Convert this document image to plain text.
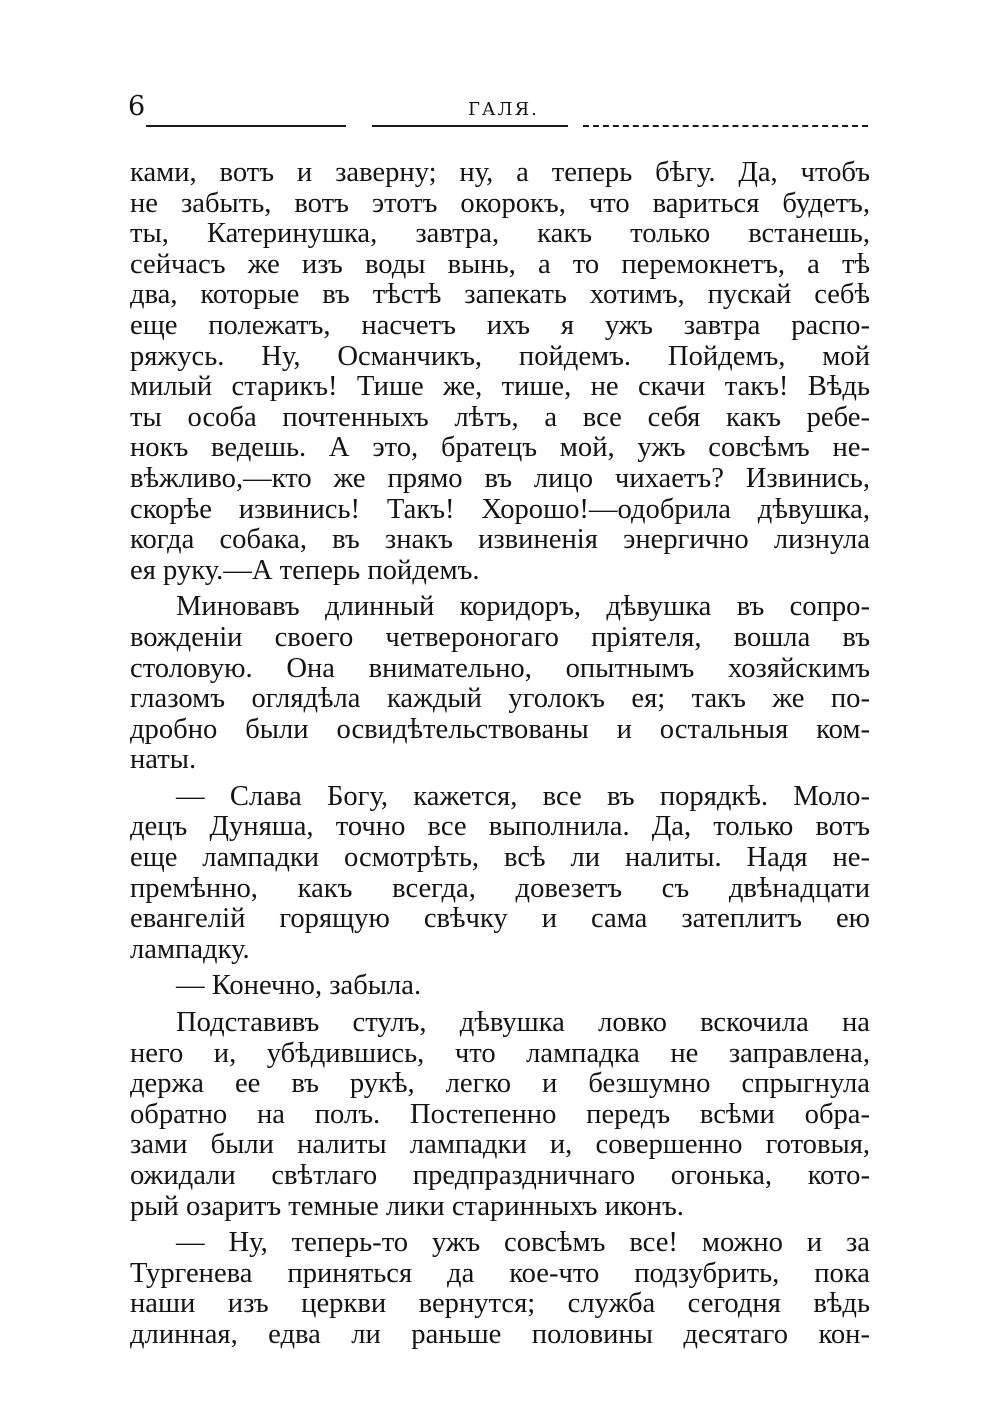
6	ГАЛЯ.
ками, вотъ и заверну; ну, а теперь бѣгу. Да, чтобъ
не забыть, вотъ этотъ окорокъ, что вариться будетъ,
ты, Катеринушка, завтра, какъ только встанешь,
сейчасъ же изъ воды вынь, а то перемокнетъ, а тѣ
два, которые въ тѣстѣ запекать хотимъ, пускай себѣ
еще полежатъ, насчетъ ихъ я ужъ завтра распо-
ряжусь. Ну, Османчикъ, пойдемъ. Пойдемъ, мой
милый старикъ! Тише же, тише, не скачи такъ! Вѣдь
ты особа почтенныхъ лѣтъ, а все себя какъ ребе-
нокъ ведешь. А это, братецъ мой, ужъ совсѣмъ не-
вѣжливо,—кто же прямо въ лицо чихаетъ? Извинись,
скорѣе извинись! Такъ! Хорошо!—одобрила дѣвушка,
когда собака, въ знакъ извиненія энергично лизнула
ея руку.—А теперь пойдемъ.
Миновавъ длинный коридоръ, дѣвушка въ сопро-
вожденіи своего четвероногаго пріятеля, вошла въ
столовую. Она внимательно, опытнымъ хозяйскимъ
глазомъ оглядѣла каждый уголокъ ея; такъ же по-
дробно были освидѣтельствованы и остальныя ком-
наты.
— Слава Богу, кажется, все въ порядкѣ. Моло-
децъ Дуняша, точно все выполнила. Да, только вотъ
еще лампадки осмотрѣть, всѣ ли налиты. Надя не-
премѣнно, какъ всегда, довезетъ съ двѣнадцати
евангелій горящую свѣчку и сама затеплитъ ею
лампадку.
— Конечно, забыла.
Подставивъ стулъ, дѣвушка ловко вскочила на
него и, убѣдившись, что лампадка не заправлена,
держа ее въ рукѣ, легко и безшумно спрыгнула
обратно на полъ. Постепенно передъ всѣми обра-
зами были налиты лампадки и, совершенно готовыя,
ожидали свѣтлаго предпраздничнаго огонька, кото-
рый озаритъ темные лики старинныхъ иконъ.
— Ну, теперь-то ужъ совсѣмъ все! можно и за
Тургенева приняться да кое-что подзубрить, пока
наши изъ церкви вернутся; служба сегодня вѣдь
длинная, едва ли раньше половины десятаго кон-
